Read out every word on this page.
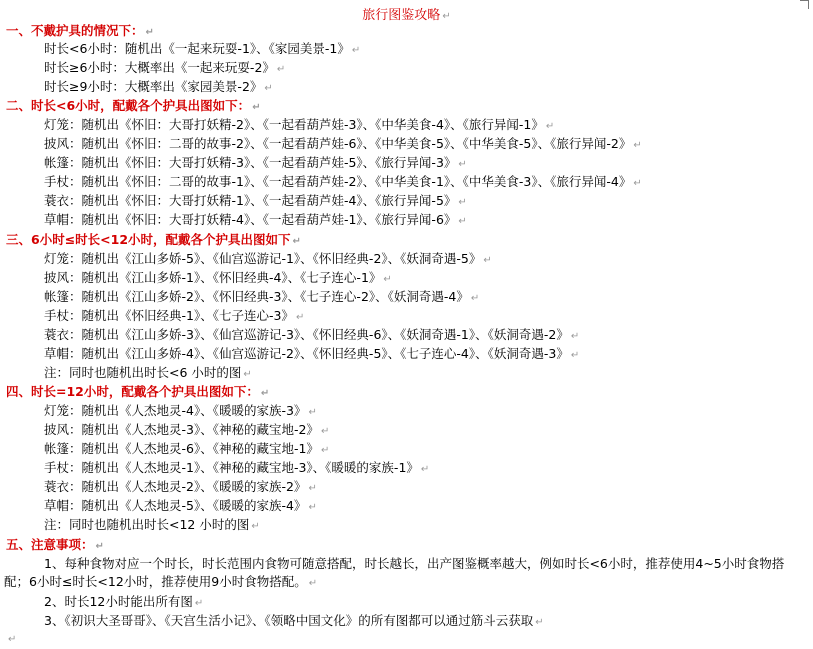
旅行图鉴攻略 ↵
一、不戴护具的情况下： ↵
时长<6小时：随机出《一起来玩耍-1》、《家园美景-1》 ↵
时长≥6小时：大概率出《一起来玩耍-2》 ↵
时长≥9小时：大概率出《家园美景-2》 ↵
二、时长<6小时，配戴各个护具出图如下： ↵
灯笼：随机出《怀旧：大哥打妖精-2》、《一起看葫芦娃-3》、《中华美食-4》、《旅行异闻-1》 ↵
披风：随机出《怀旧：二哥的故事-2》、《一起看葫芦娃-6》、《中华美食-5》、《中华美食-5》、《旅行异闻-2》 ↵
帐篷：随机出《怀旧：大哥打妖精-3》、《一起看葫芦娃-5》、《旅行异闻-3》 ↵
手杖：随机出《怀旧：二哥的故事-1》、《一起看葫芦娃-2》、《中华美食-1》、《中华美食-3》、《旅行异闻-4》 ↵
蓑衣：随机出《怀旧：大哥打妖精-1》、《一起看葫芦娃-4》、《旅行异闻-5》 ↵
草帽：随机出《怀旧：大哥打妖精-4》、《一起看葫芦娃-1》、《旅行异闻-6》 ↵
三、6小时≤时长<12小时，配戴各个护具出图如下 ↵
灯笼：随机出《江山多娇-5》、《仙宫巡游记-1》、《怀旧经典-2》、《妖洞奇遇-5》 ↵
披风：随机出《江山多娇-1》、《怀旧经典-4》、《七子连心-1》 ↵
帐篷：随机出《江山多娇-2》、《怀旧经典-3》、《七子连心-2》、《妖洞奇遇-4》 ↵
手杖：随机出《怀旧经典-1》、《七子连心-3》 ↵
蓑衣：随机出《江山多娇-3》、《仙宫巡游记-3》、《怀旧经典-6》、《妖洞奇遇-1》、《妖洞奇遇-2》 ↵
草帽：随机出《江山多娇-4》、《仙宫巡游记-2》、《怀旧经典-5》、《七子连心-4》、《妖洞奇遇-3》 ↵
注：同时也随机出时长<6 小时的图 ↵
四、时长=12小时，配戴各个护具出图如下： ↵
灯笼：随机出《人杰地灵-4》、《暖暖的家族-3》 ↵
披风：随机出《人杰地灵-3》、《神秘的藏宝地-2》 ↵
帐篷：随机出《人杰地灵-6》、《神秘的藏宝地-1》 ↵
手杖：随机出《人杰地灵-1》、《神秘的藏宝地-3》、《暖暖的家族-1》 ↵
蓑衣：随机出《人杰地灵-2》、《暖暖的家族-2》 ↵
草帽：随机出《人杰地灵-5》、《暖暖的家族-4》 ↵
注：同时也随机出时长<12 小时的图 ↵
五、注意事项： ↵
1、每种食物对应一个时长，时长范围内食物可随意搭配，时长越长，出产图鉴概率越大，例如时长<6小时，推荐使用4~5小时食物搭配；6小时≤时长<12小时，推荐使用9小时食物搭配。 ↵
2、时长12小时能出所有图 ↵
3、《初识大圣哥哥》、《天宫生活小记》、《领略中国文化》的所有图都可以通过筋斗云获取 ↵
↵
